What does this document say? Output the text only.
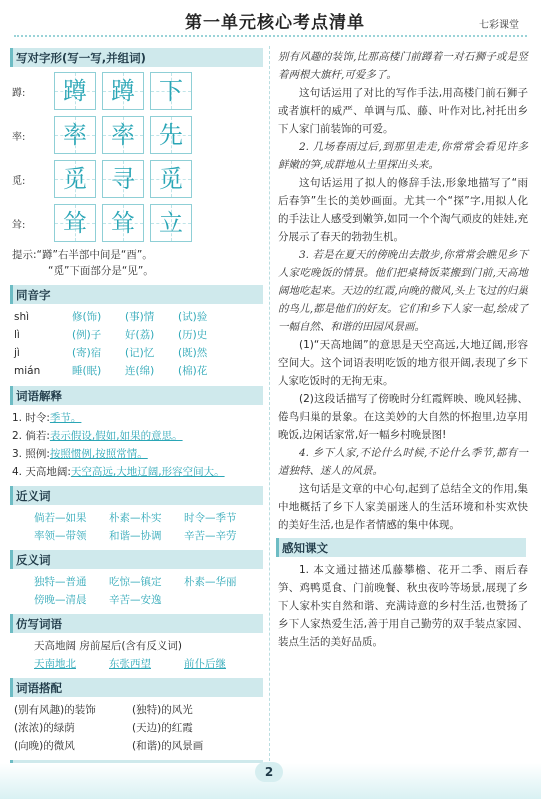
第一单元核心考点清单	七彩课堂
写对字形(写一写,并组词)
蹲:	蹲	蹲	下
率:	率	率	先
觅:	觅	寻	觅
耸:	耸	耸	立
提示:“蹲”右半部中间是“酉”。
“觅”下面部分是“见”。
同音字
shì	修(饰)	(事)情	(试)验
lì	(例)子	好(荔)	(历)史
jì	(寄)宿	(记)忆	(既)然
mián	睡(眠)	连(绵)	(棉)花
词语解释
1. 时令:季节。
2. 倘若:表示假设,假如,如果的意思。
3. 照例:按照惯例,按照常情。
4. 天高地阔:天空高远,大地辽阔,形容空间大。
近义词
倘若—如果	朴素—朴实	时令—季节
率领—带领	和谐—协调	辛苦—辛劳
反义词
独特—普通	吃惊—镇定	朴素—华丽
傍晚—清晨	辛苦—安逸
仿写词语
天高地阔 房前屋后(含有反义词)
天南地北	东张西望	前仆后继
词语搭配
(别有风趣)的装饰	(独特)的风光
(浓浓)的绿荫	(天边)的红霞
(向晚)的微风	(和谐)的风景画

别有风趣的装饰,比那高楼门前蹲着一对石狮子或是竖着两根大旗杆,可爱多了。

这句话运用了对比的写作手法,用高楼门前石狮子或者旗杆的威严、单调与瓜、藤、叶作对比,衬托出乡下人家门前装饰的可爱。

2. 几场春雨过后,到那里走走,你常常会看见许多鲜嫩的笋,成群地从土里探出头来。

这句话运用了拟人的修辞手法,形象地描写了“雨后春笋”生长的美妙画面。尤其一个“探”字,用拟人化的手法让人感受到嫩笋,如同一个个淘气顽皮的娃娃,充分展示了春天的勃勃生机。

3. 若是在夏天的傍晚出去散步,你常常会瞧见乡下人家吃晚饭的情景。他们把桌椅饭菜搬到门前,天高地阔地吃起来。天边的红霞,向晚的微风,头上飞过的归巢的鸟儿,都是他们的好友。它们和乡下人家一起,绘成了一幅自然、和谐的田园风景画。

(1)“天高地阔”的意思是天空高远,大地辽阔,形容空间大。这个词语表明吃饭的地方很开阔,表现了乡下人家吃饭时的无拘无束。

(2)这段话描写了傍晚时分红霞辉映、晚风轻拂、倦鸟归巢的景象。在这美妙的大自然的怀抱里,边享用晚饭,边闲话家常,好一幅乡村晚景图!

4. 乡下人家,不论什么时候,不论什么季节,都有一道独特、迷人的风景。

这句话是文章的中心句,起到了总结全文的作用,集中地概括了乡下人家美丽迷人的生活环境和朴实欢快的美好生活,也是作者情感的集中体现。

感知课文

1. 本文通过描述瓜藤攀檐、花开二季、雨后春笋、鸡鸭觅食、门前晚餐、秋虫夜吟等场景,展现了乡下人家朴实自然和谐、充满诗意的乡村生活,也赞扬了乡下人家热爱生活,善于用自己勤劳的双手装点家园、装点生活的美好品质。

2
